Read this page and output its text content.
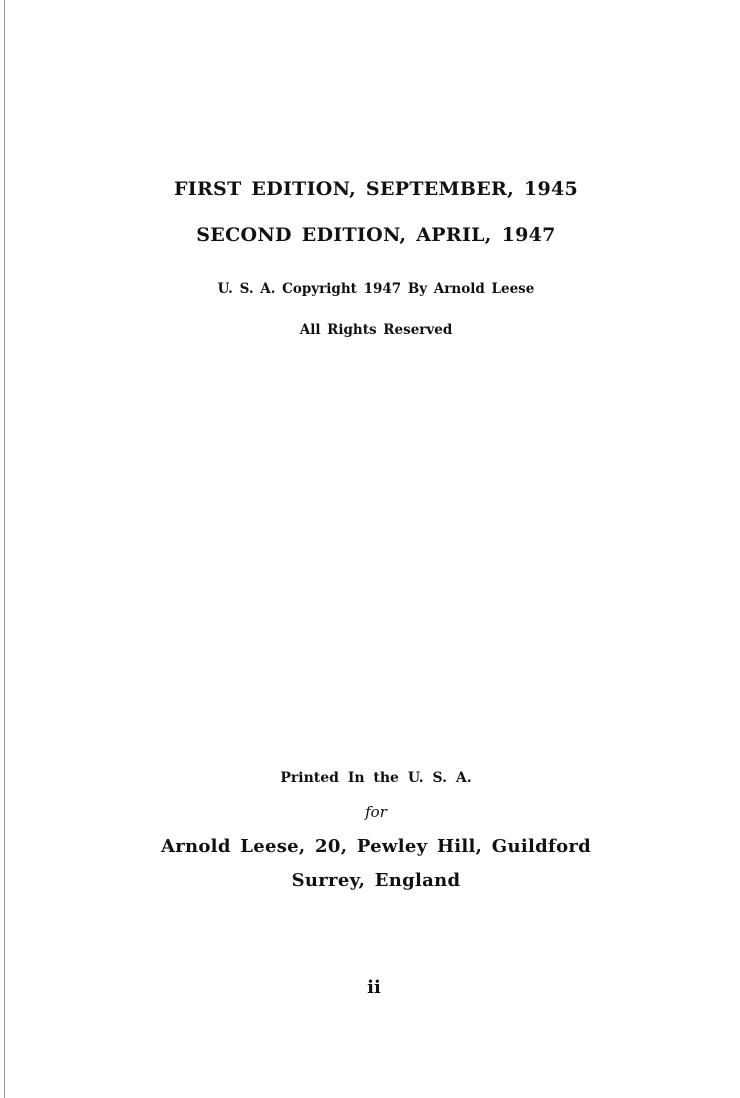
FIRST EDITION, SEPTEMBER, 1945
SECOND EDITION, APRIL, 1947
U. S. A. Copyright 1947 By Arnold Leese
All Rights Reserved
Printed In the U. S. A.
for
Arnold Leese, 20, Pewley Hill, Guildford
Surrey, England
ii
